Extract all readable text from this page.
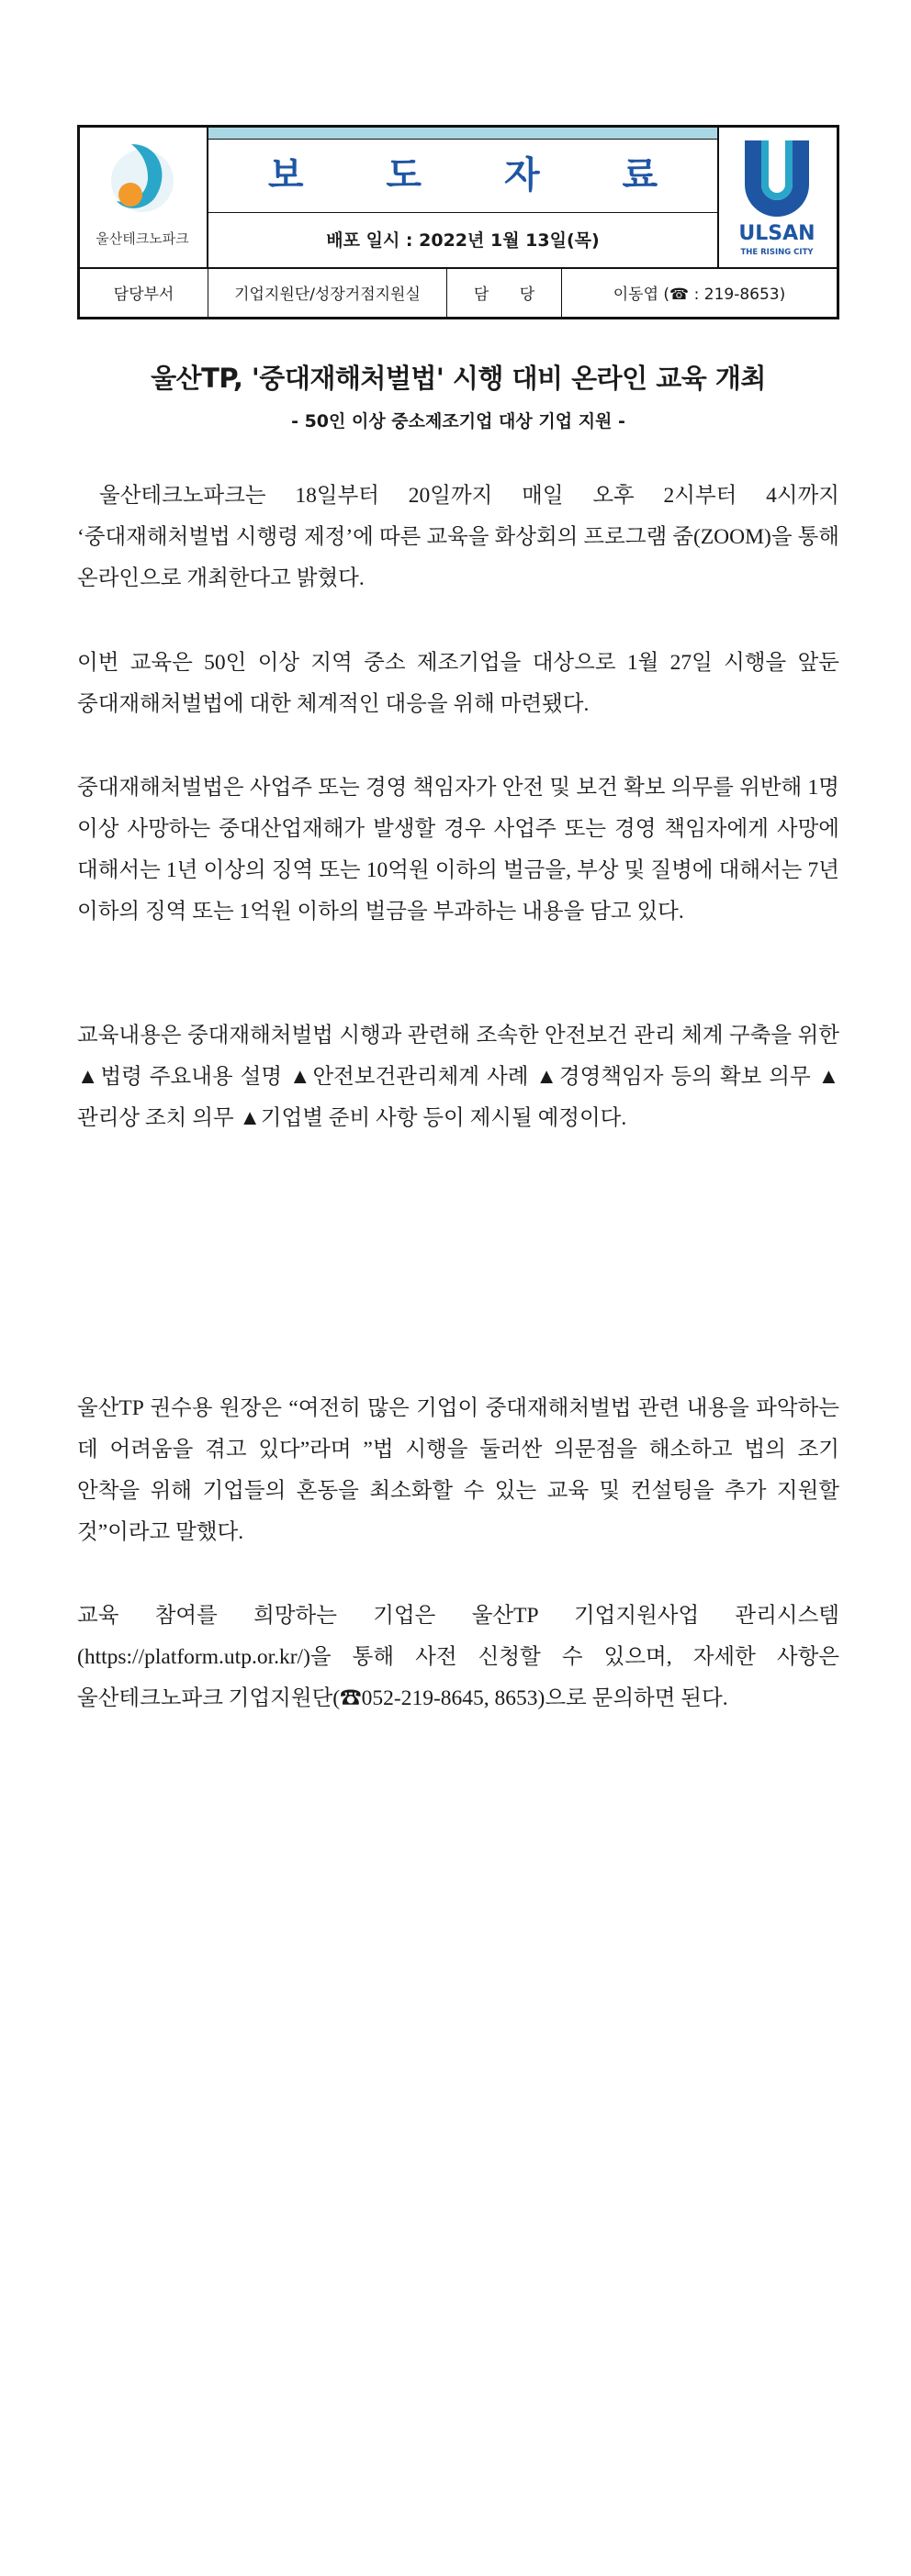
울산테크노파크
보 도 자 료
배포 일시 : 2022년 1월 13일(목)	ULSAN
THE RISING CITY
담당부서	기업지원단/성장거점지원실	담 당	이동엽 (☎ : 219-8653)
울산TP, '중대재해처벌법' 시행 대비 온라인 교육 개최
- 50인 이상 중소제조기업 대상 기업 지원 -

울산테크노파크는 18일부터 20일까지 매일 오후 2시부터 4시까지 ‘중대재해처벌법 시행령 제정’에 따른 교육을 화상회의 프로그램 줌(ZOOM)을 통해 온라인으로 개최한다고 밝혔다.

이번 교육은 50인 이상 지역 중소 제조기업을 대상으로 1월 27일 시행을 앞둔 중대재해처벌법에 대한 체계적인 대응을 위해 마련됐다.

중대재해처벌법은 사업주 또는 경영 책임자가 안전 및 보건 확보 의무를 위반해 1명 이상 사망하는 중대산업재해가 발생할 경우 사업주 또는 경영 책임자에게 사망에 대해서는 1년 이상의 징역 또는 10억원 이하의 벌금을, 부상 및 질병에 대해서는 7년 이하의 징역 또는 1억원 이하의 벌금을 부과하는 내용을 담고 있다.

교육내용은 중대재해처벌법 시행과 관련해 조속한 안전보건 관리 체계 구축을 위한 ▲법령 주요내용 설명 ▲안전보건관리체계 사례 ▲경영책임자 등의 확보 의무 ▲관리상 조치 의무 ▲기업별 준비 사항 등이 제시될 예정이다.

울산TP 권수용 원장은 “여전히 많은 기업이 중대재해처벌법 관련 내용을 파악하는 데 어려움을 겪고 있다”라며 ”법 시행을 둘러싼 의문점을 해소하고 법의 조기 안착을 위해 기업들의 혼동을 최소화할 수 있는 교육 및 컨설팅을 추가 지원할 것”이라고 말했다.

교육 참여를 희망하는 기업은 울산TP 기업지원사업 관리시스템(https://platform.utp.or.kr/)을 통해 사전 신청할 수 있으며, 자세한 사항은 울산테크노파크 기업지원단(☎052-219-8645, 8653)으로 문의하면 된다.
